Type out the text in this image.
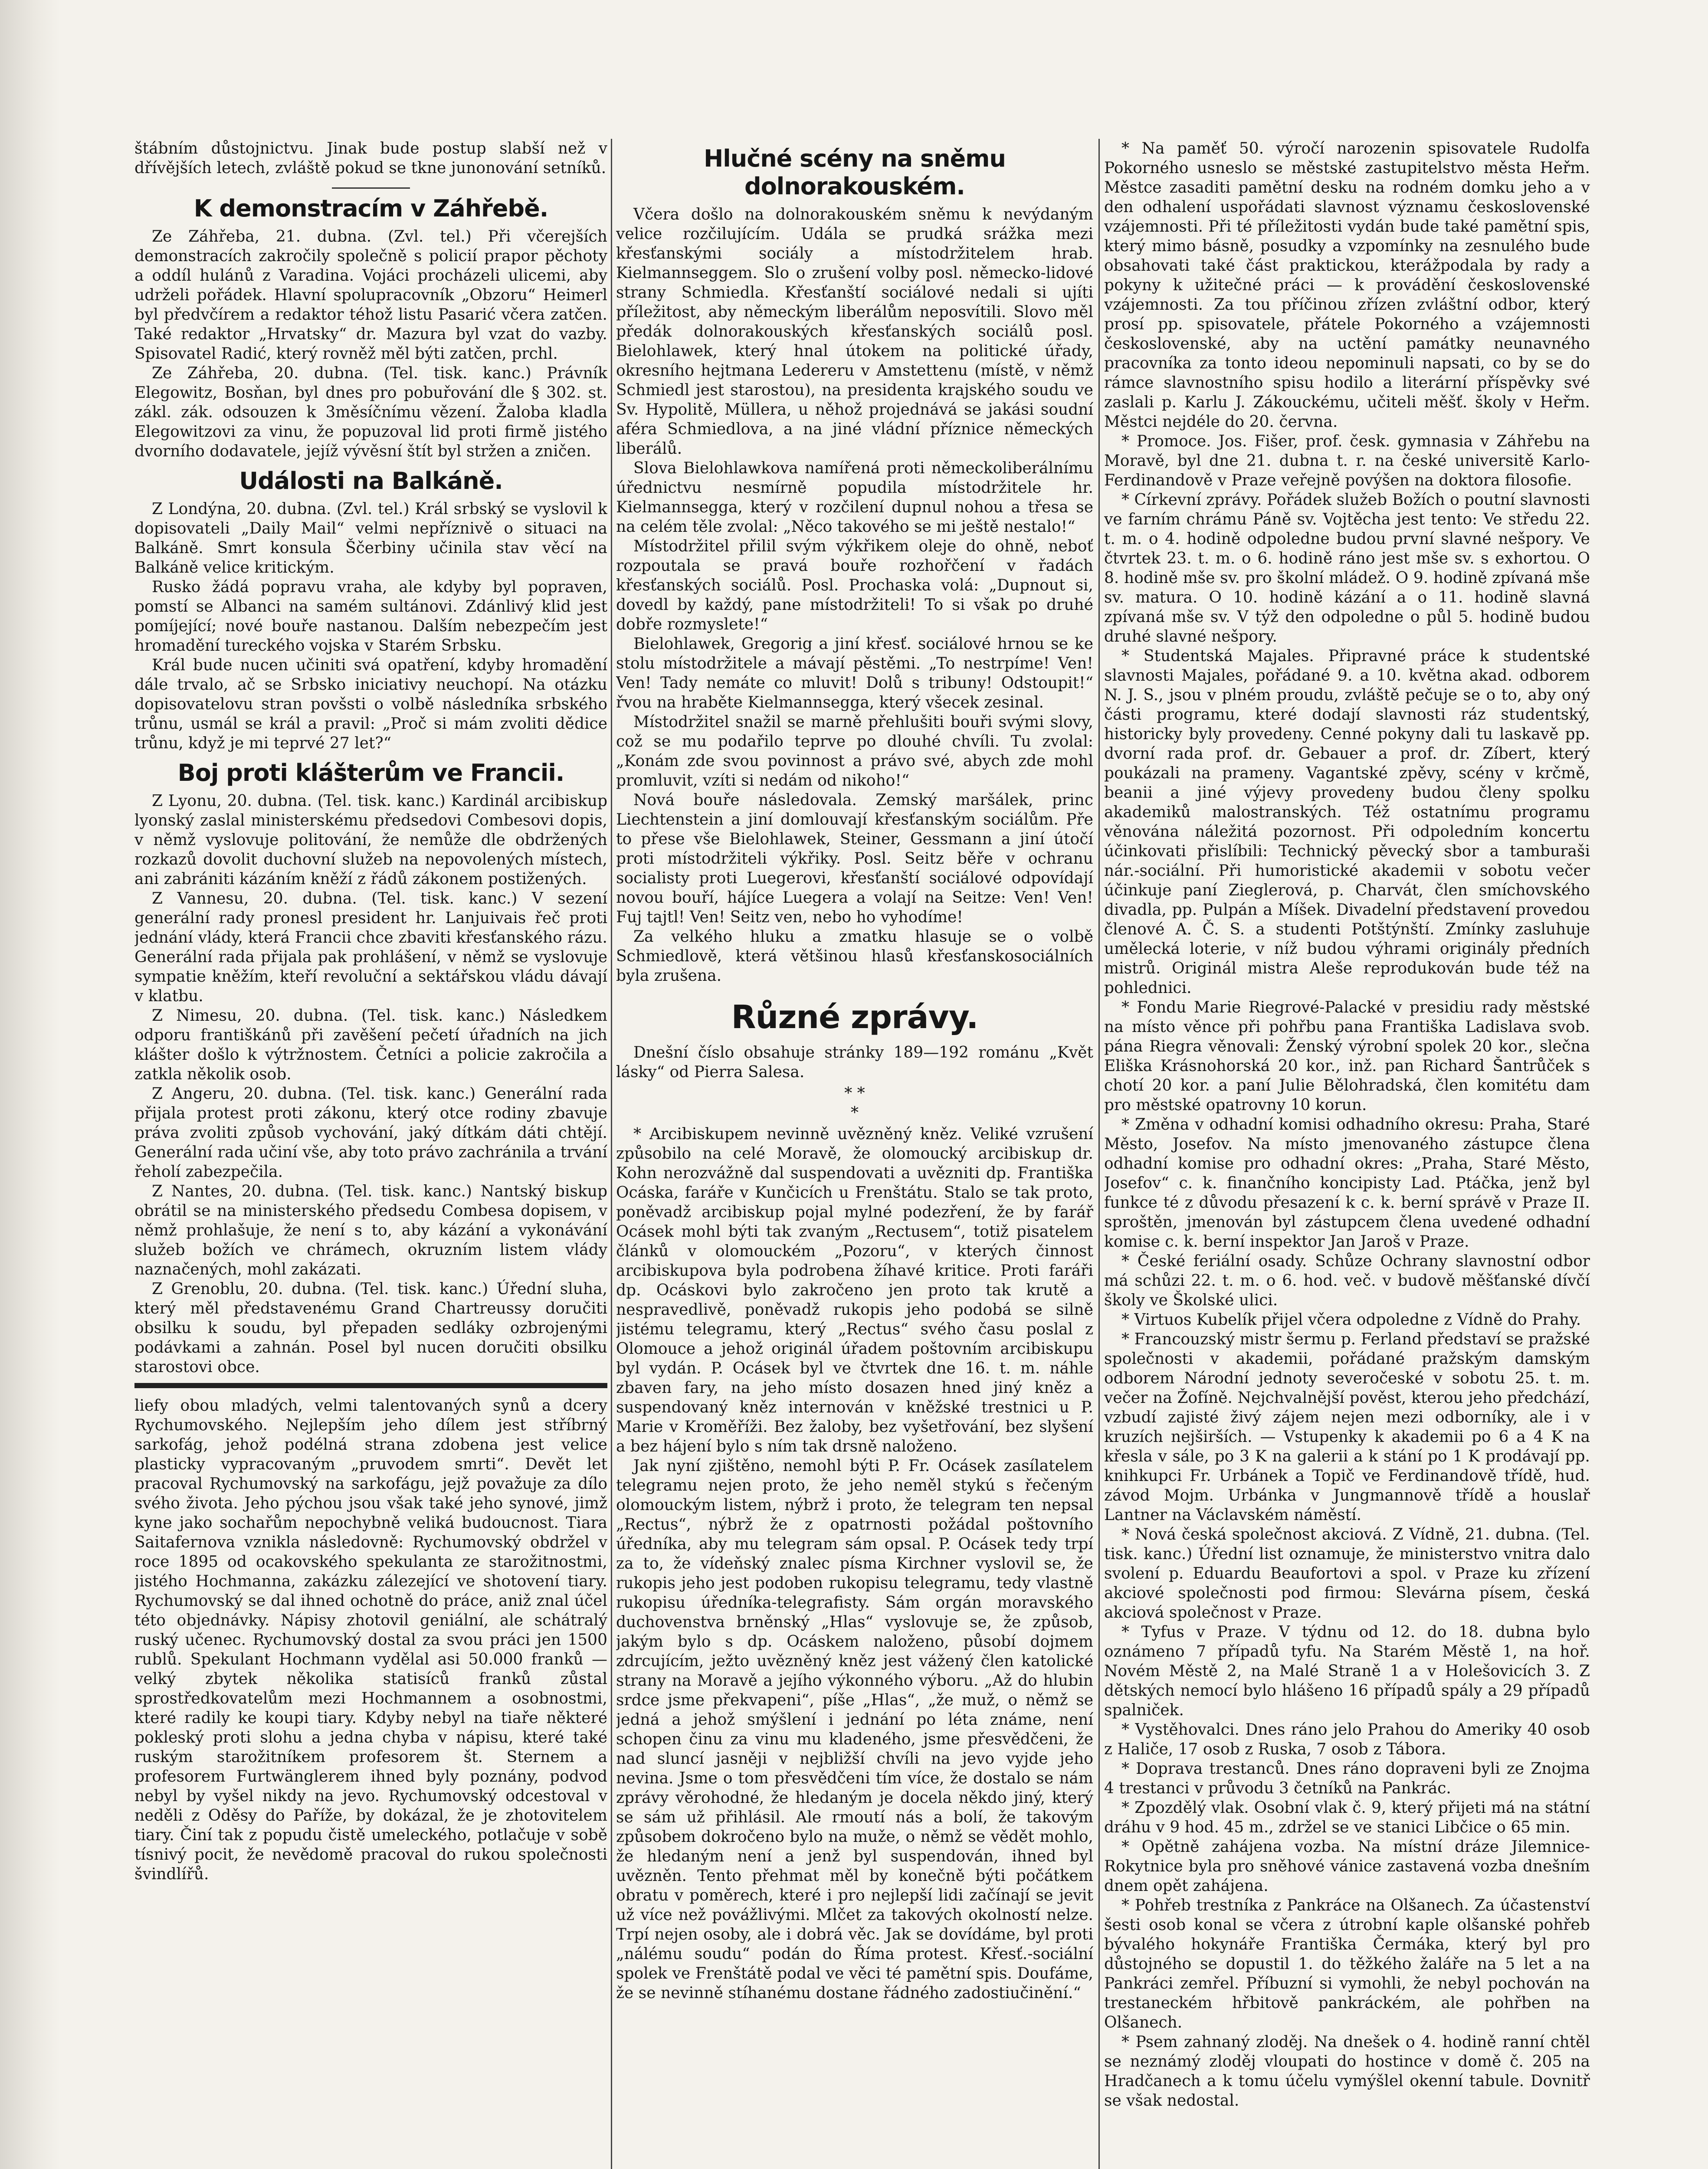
štábním důstojnictvu. Jinak bude postup slabší než v dřívějších letech, zvláště pokud se tkne junonování setníků.

K demonstracím v Záhřebě.

Ze Záhřeba, 21. dubna. (Zvl. tel.) Při včerejších demonstracích zakročily společně s policií prapor pěchoty a oddíl hulánů z Varadina. Vojáci procházeli ulicemi, aby udrželi pořádek. Hlavní spolupracovník „Obzoru“ Heimerl byl předvčírem a redaktor téhož listu Pasarić včera zatčen. Také redaktor „Hrvatsky“ dr. Mazura byl vzat do vazby. Spisovatel Radić, který rovněž měl býti zatčen, prchl.

Ze Záhřeba, 20. dubna. (Tel. tisk. kanc.) Právník Elegowitz, Bosňan, byl dnes pro pobuřování dle § 302. st. zákl. zák. odsouzen k 3měsíčnímu vězení. Žaloba kladla Elegowitzovi za vinu, že popuzoval lid proti firmě jistého dvorního dodavatele, jejíž vývěsní štít byl stržen a zničen.

Události na Balkáně.

Z Londýna, 20. dubna. (Zvl. tel.) Král srbský se vyslovil k dopisovateli „Daily Mail“ velmi nepříznivě o situaci na Balkáně. Smrt konsula Ščerbiny učinila stav věcí na Balkáně velice kritickým.

Rusko žádá popravu vraha, ale kdyby byl popraven, pomstí se Albanci na samém sultánovi. Zdánlivý klid jest pomíjející; nové bouře nastanou. Dalším nebezpečím jest hromadění tureckého vojska v Starém Srbsku.

Král bude nucen učiniti svá opatření, kdyby hromadění dále trvalo, ač se Srbsko iniciativy neuchopí. Na otázku dopisovatelovu stran povšsti o volbě následníka srbského trůnu, usmál se král a pravil: „Proč si mám zvoliti dědice trůnu, když je mi teprvé 27 let?“

Boj proti klášterům ve Francii.

Z Lyonu, 20. dubna. (Tel. tisk. kanc.) Kardinál arcibiskup lyonský zaslal ministerskému předsedovi Combesovi dopis, v němž vyslovuje politování, že nemůže dle obdržených rozkazů dovolit duchovní služeb na nepovolených místech, ani zabrániti kázáním kněží z řádů zákonem postižených.

Z Vannesu, 20. dubna. (Tel. tisk. kanc.) V sezení generální rady pronesl president hr. Lanjuivais řeč proti jednání vlády, která Francii chce zbaviti křesťanského rázu. Generální rada přijala pak prohlášení, v němž se vyslovuje sympatie kněžím, kteří revoluční a sektářskou vládu dávají v klatbu.

Z Nimesu, 20. dubna. (Tel. tisk. kanc.) Následkem odporu františkánů při zavěšení pečetí úřadních na jich klášter došlo k výtržnostem. Četníci a policie zakročila a zatkla několik osob.

Z Angeru, 20. dubna. (Tel. tisk. kanc.) Generální rada přijala protest proti zákonu, který otce rodiny zbavuje práva zvoliti způsob vychování, jaký dítkám dáti chtějí. Generální rada učiní vše, aby toto právo zachránila a trvání řeholí zabezpečila.

Z Nantes, 20. dubna. (Tel. tisk. kanc.) Nantský biskup obrátil se na ministerského předsedu Combesa dopisem, v němž prohlašuje, že není s to, aby kázání a vykonávání služeb božích ve chrámech, okruzním listem vlády naznačených, mohl zakázati.

Z Grenoblu, 20. dubna. (Tel. tisk. kanc.) Úřední sluha, který měl představenému Grand Chartreussy doručiti obsilku k soudu, byl přepaden sedláky ozbrojenými podávkami a zahnán. Posel byl nucen doručiti obsilku starostovi obce.

liefy obou mladých, velmi talentovaných synů a dcery Rychumovského. Nejlepším jeho dílem jest stříbrný sarkofág, jehož podélná strana zdobena jest velice plasticky vypracovaným „pruvodem smrti“. Devět let pracoval Rychumovský na sarkofágu, jejž považuje za dílo svého života. Jeho pýchou jsou však také jeho synové, jimž kyne jako sochařům nepochybně veliká budoucnost. Tiara Saitafernova vznikla následovně: Rychumovský obdržel v roce 1895 od ocakovského spekulanta ze starožitnostmi, jistého Hochmanna, zakázku zálezející ve shotovení tiary. Rychumovský se dal ihned ochotně do práce, aniž znal účel této objednávky. Nápisy zhotovil geniální, ale schátralý ruský učenec. Rychumovský dostal za svou práci jen 1500 rublů. Spekulant Hochmann vydělal asi 50.000 franků — velký zbytek několika statisíců franků zůstal sprostředkovatelům mezi Hochmannem a osobnostmi, které radily ke koupi tiary. Kdyby nebyl na tiaře některé pokleský proti slohu a jedna chyba v nápisu, které také ruským starožitníkem profesorem št. Sternem a profesorem Furtwänglerem ihned byly poznány, podvod nebyl by vyšel nikdy na jevo. Rychumovský odcestoval v neděli z Oděsy do Paříže, by dokázal, že je zhotovitelem tiary. Činí tak z popudu čistě umeleckého, potlačuje v sobě tísnivý pocit, že nevědomě pracoval do rukou společnosti švindlířů.

Hlučné scény na sněmu dolnorakouském.

Včera došlo na dolnorakouském sněmu k nevýdaným velice rozčilujícím. Udála se prudká srážka mezi křesťanskými sociály a místodržitelem hrab. Kielmannseggem. Slo o zrušení volby posl. německo-lidové strany Schmiedla. Křesťanští sociálové nedali si ujíti příležitost, aby německým liberálům neposvítili. Slovo měl předák dolnorakouských křesťanských sociálů posl. Bielohlawek, který hnal útokem na politické úřady, okresního hejtmana Ledereru v Amstettenu (místě, v němž Schmiedl jest starostou), na presidenta krajského soudu ve Sv. Hypolitě, Müllera, u něhož projednává se jakási soudní aféra Schmiedlova, a na jiné vládní příznice německých liberálů.

Slova Bielohlawkova namířená proti německoliberálnímu úřednictvu nesmírně popudila místodržitele hr. Kielmannsegga, který v rozčilení dupnul nohou a třesa se na celém těle zvolal: „Něco takového se mi ještě nestalo!“

Místodržitel přilil svým výkřikem oleje do ohně, neboť rozpoutala se pravá bouře rozhořčení v řadách křesťanských sociálů. Posl. Prochaska volá: „Dupnout si, dovedl by každý, pane místodržiteli! To si však po druhé dobře rozmyslete!“

Bielohlawek, Gregorig a jiní křesť. sociálové hrnou se ke stolu místodržitele a mávají pěstěmi. „To nestrpíme! Ven! Ven! Tady nemáte co mluvit! Dolů s tribuny! Odstoupit!“ řvou na hraběte Kielmannsegga, který všecek zesinal.

Místodržitel snažil se marně přehlušiti bouři svými slovy, což se mu podařilo teprve po dlouhé chvíli. Tu zvolal: „Konám zde svou povinnost a právo své, abych zde mohl promluvit, vzíti si nedám od nikoho!“

Nová bouře následovala. Zemský maršálek, princ Liechtenstein a jiní domlouvají křesťanským sociálům. Pře to přese vše Bielohlawek, Steiner, Gessmann a jiní útočí proti místodržiteli výkřiky. Posl. Seitz běře v ochranu socialisty proti Luegerovi, křesťanští sociálové odpovídají novou bouří, hájíce Luegera a volají na Seitze: Ven! Ven! Fuj tajtl! Ven! Seitz ven, nebo ho vyhodíme!

Za velkého hluku a zmatku hlasuje se o volbě Schmiedlově, která většinou hlasů křesťanskosociálních byla zrušena.

Různé zprávy.

Dnešní číslo obsahuje stránky 189—192 románu „Květ lásky“ od Pierra Salesa.

* *
*

* Arcibiskupem nevinně uvězněný kněz. Veliké vzrušení způsobilo na celé Moravě, že olomoucký arcibiskup dr. Kohn nerozvážně dal suspendovati a uvězniti dp. Františka Ocáska, faráře v Kunčicích u Frenštátu. Stalo se tak proto, poněvadž arcibiskup pojal mylné podezření, že by farář Ocásek mohl býti tak zvaným „Rectusem“, totiž pisatelem článků v olomouckém „Pozoru“, v kterých činnost arcibiskupova byla podrobena žíhavé kritice. Proti faráři dp. Ocáskovi bylo zakročeno jen proto tak krutě a nespravedlivě, poněvadž rukopis jeho podobá se silně jistému telegramu, který „Rectus“ svého času poslal z Olomouce a jehož originál úřadem poštovním arcibiskupu byl vydán. P. Ocásek byl ve čtvrtek dne 16. t. m. náhle zbaven fary, na jeho místo dosazen hned jiný kněz a suspendovaný kněz internován v kněžské trestnici u P. Marie v Kroměříži. Bez žaloby, bez vyšetřování, bez slyšení a bez hájení bylo s ním tak drsně naloženo.

Jak nyní zjištěno, nemohl býti P. Fr. Ocásek zasílatelem telegramu nejen proto, že jeho neměl stykú s řečeným olomouckým listem, nýbrž i proto, že telegram ten nepsal „Rectus“, nýbrž že z opatrnosti požádal poštovního úředníka, aby mu telegram sám opsal. P. Ocásek tedy trpí za to, že vídeňský znalec písma Kirchner vyslovil se, že rukopis jeho jest podoben rukopisu telegramu, tedy vlastně rukopisu úředníka-telegrafisty. Sám orgán moravského duchovenstva brněnský „Hlas“ vyslovuje se, že způsob, jakým bylo s dp. Ocáskem naloženo, působí dojmem zdrcujícím, ježto uvězněný kněz jest vážený člen katolické strany na Moravě a jejího výkonného výboru. „Až do hlubin srdce jsme překvapeni“, píše „Hlas“, „že muž, o němž se jedná a jehož smýšlení i jednání po léta známe, není schopen činu za vinu mu kladeného, jsme přesvědčeni, že nad sluncí jasněji v nejbližší chvíli na jevo vyjde jeho nevina. Jsme o tom přesvědčeni tím více, že dostalo se nám zprávy věrohodné, že hledaným je docela někdo jiný, který se sám už přihlásil. Ale rmoutí nás a bolí, že takovým způsobem dokročeno bylo na muže, o němž se vědět mohlo, že hledaným není a jenž byl suspendován, ihned byl uvězněn. Tento přehmat měl by konečně býti počátkem obratu v poměrech, které i pro nejlepší lidi začínají se jevit už více než povážlivými. Mlčet za takových okolností nelze. Trpí nejen osoby, ale i dobrá věc. Jak se dovídáme, byl proti „nálému soudu“ podán do Říma protest. Křesť.-sociální spolek ve Frenštátě podal ve věci té pamětní spis. Doufáme, že se nevinně stíhanému dostane řádného zadostiučinění.“

* Na paměť 50. výročí narozenin spisovatele Rudolfa Pokorného usneslo se městské zastupitelstvo města Heřm. Městce zasaditi pamětní desku na rodném domku jeho a v den odhalení uspořádati slavnost významu československé vzájemnosti. Při té příležitosti vydán bude také pamětní spis, který mimo básně, posudky a vzpomínky na zesnulého bude obsahovati také část praktickou, kterážpodala by rady a pokyny k užitečné práci — k provádění československé vzájemnosti. Za tou příčinou zřízen zvláštní odbor, který prosí pp. spisovatele, přátele Pokorného a vzájemnosti československé, aby na uctění památky neunavného pracovníka za tonto ideou nepominuli napsati, co by se do rámce slavnostního spisu hodilo a literární příspěvky své zaslali p. Karlu J. Zákouckému, učiteli měšť. školy v Heřm. Městci nejdéle do 20. června.

* Promoce. Jos. Fišer, prof. česk. gymnasia v Záhřebu na Moravě, byl dne 21. dubna t. r. na české universitě Karlo-Ferdinandově v Praze veřejně povýšen na doktora filosofie.

* Církevní zprávy. Pořádek služeb Božích o poutní slavnosti ve farním chrámu Páně sv. Vojtěcha jest tento: Ve středu 22. t. m. o 4. hodině odpoledne budou první slavné nešpory. Ve čtvrtek 23. t. m. o 6. hodině ráno jest mše sv. s exhortou. O 8. hodině mše sv. pro školní mládež. O 9. hodině zpívaná mše sv. matura. O 10. hodině kázání a o 11. hodině slavná zpívaná mše sv. V týž den odpoledne o půl 5. hodině budou druhé slavné nešpory.

* Studentská Majales. Připravné práce k studentské slavnosti Majales, pořádané 9. a 10. května akad. odborem N. J. S., jsou v plném proudu, zvláště pečuje se o to, aby oný části programu, které dodají slavnosti ráz studentský, historicky byly provedeny. Cenné pokyny dali tu laskavě pp. dvorní rada prof. dr. Gebauer a prof. dr. Zíbert, který poukázali na prameny. Vagantské zpěvy, scény v krčmě, beanii a jiné výjevy provedeny budou členy spolku akademiků malostranských. Též ostatnímu programu věnována náležitá pozornost. Při odpoledním koncertu účinkovati přislíbili: Technický pěvecký sbor a tamburaši nár.-sociální. Při humoristické akademii v sobotu večer účinkuje paní Zieglerová, p. Charvát, člen smíchovského divadla, pp. Pulpán a Míšek. Divadelní představení provedou členové A. Č. S. a studenti Potštýnští. Zmínky zasluhuje umělecká loterie, v níž budou výhrami originály předních mistrů. Originál mistra Aleše reprodukován bude též na pohlednici.

* Fondu Marie Riegrové-Palacké v presidiu rady městské na místo věnce při pohřbu pana Františka Ladislava svob. pána Riegra věnovali: Ženský výrobní spolek 20 kor., slečna Eliška Krásnohorská 20 kor., inž. pan Richard Šantrůček s chotí 20 kor. a paní Julie Bělohradská, člen komitétu dam pro městské opatrovny 10 korun.

* Změna v odhadní komisi odhadního okresu: Praha, Staré Město, Josefov. Na místo jmenovaného zástupce člena odhadní komise pro odhadní okres: „Praha, Staré Město, Josefov“ c. k. finančního koncipisty Lad. Ptáčka, jenž byl funkce té z důvodu přesazení k c. k. berní správě v Praze II. sproštěn, jmenován byl zástupcem člena uvedené odhadní komise c. k. berní inspektor Jan Jaroš v Praze.

* České feriální osady. Schůze Ochrany slavnostní odbor má schůzi 22. t. m. o 6. hod. več. v budově měšťanské dívčí školy ve Školské ulici.

* Virtuos Kubelík přijel včera odpoledne z Vídně do Prahy.

* Francouzský mistr šermu p. Ferland představí se pražské společnosti v akademii, pořádané pražským damským odborem Národní jednoty severočeské v sobotu 25. t. m. večer na Žofíně. Nejchvalnější pověst, kterou jeho předchází, vzbudí zajisté živý zájem nejen mezi odborníky, ale i v kruzích nejširších. — Vstupenky k akademii po 6 a 4 K na křesla v sále, po 3 K na galerii a k stání po 1 K prodávají pp. knihkupci Fr. Urbánek a Topič ve Ferdinandově třídě, hud. závod Mojm. Urbánka v Jungmannově třídě a houslař Lantner na Václavském náměstí.

* Nová česká společnost akciová. Z Vídně, 21. dubna. (Tel. tisk. kanc.) Úřední list oznamuje, že ministerstvo vnitra dalo svolení p. Eduardu Beaufortovi a spol. v Praze ku zřízení akciové společnosti pod firmou: Slevárna písem, česká akciová společnost v Praze.

* Tyfus v Praze. V týdnu od 12. do 18. dubna bylo oznámeno 7 případů tyfu. Na Starém Městě 1, na hoř. Novém Městě 2, na Malé Straně 1 a v Holešovicích 3. Z dětských nemocí bylo hlášeno 16 případů spály a 29 případů spalniček.

* Vystěhovalci. Dnes ráno jelo Prahou do Ameriky 40 osob z Haliče, 17 osob z Ruska, 7 osob z Tábora.

* Doprava trestanců. Dnes ráno dopraveni byli ze Znojma 4 trestanci v průvodu 3 četníků na Pankrác.

* Zpozdělý vlak. Osobní vlak č. 9, který přijeti má na státní dráhu v 9 hod. 45 m., zdržel se ve stanici Libčice o 65 min.

* Opětně zahájena vozba. Na místní dráze Jilemnice-Rokytnice byla pro sněhové vánice zastavená vozba dnešním dnem opět zahájena.

* Pohřeb trestníka z Pankráce na Olšanech. Za účastenství šesti osob konal se včera z útrobní kaple olšanské pohřeb bývalého hokynáře Františka Čermáka, který byl pro důstojného se dopustil 1. do těžkého žaláře na 5 let a na Pankráci zemřel. Příbuzní si vymohli, že nebyl pochován na trestaneckém hřbitově pankráckém, ale pohřben na Olšanech.

* Psem zahnaný zloděj. Na dnešek o 4. hodině ranní chtěl se neznámý zloděj vloupati do hostince v domě č. 205 na Hradčanech a k tomu účelu vymýšlel okenní tabule. Dovnitř se však nedostal.
